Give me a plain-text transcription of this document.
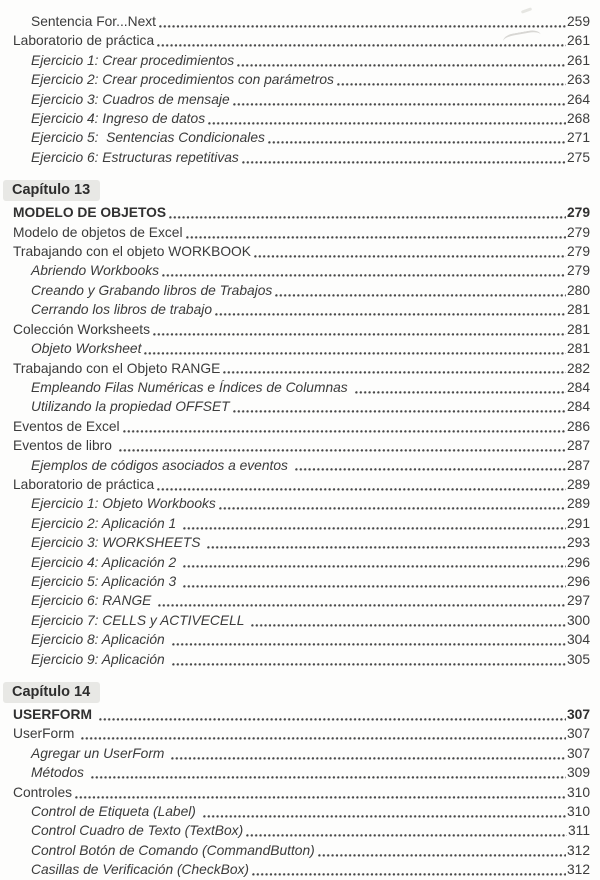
Sentencia For...Next	259
Laboratorio de práctica	261
Ejercicio 1: Crear procedimientos	261
Ejercicio 2: Crear procedimientos con parámetros	263
Ejercicio 3: Cuadros de mensaje	264
Ejercicio 4: Ingreso de datos	268
Ejercicio 5:  Sentencias Condicionales	271
Ejercicio 6: Estructuras repetitivas	275
Capítulo 13
MODELO DE OBJETOS	279
Modelo de objetos de Excel	279
Trabajando con el objeto WORKBOOK	279
Abriendo Workbooks	279
Creando y Grabando libros de Trabajos	280
Cerrando los libros de trabajo	281
Colección Worksheets	281
Objeto Worksheet	281
Trabajando con el Objeto RANGE	282
Empleando Filas Numéricas e Índices de Columnas	284
Utilizando la propiedad OFFSET	284
Eventos de Excel	286
Eventos de libro	287
Ejemplos de códigos asociados a eventos	287
Laboratorio de práctica	289
Ejercicio 1: Objeto Workbooks	289
Ejercicio 2: Aplicación 1	291
Ejercicio 3: WORKSHEETS	293
Ejercicio 4: Aplicación 2	296
Ejercicio 5: Aplicación 3	296
Ejercicio 6: RANGE	297
Ejercicio 7: CELLS y ACTIVECELL	300
Ejercicio 8: Aplicación	304
Ejercicio 9: Aplicación	305
Capítulo 14
USERFORM	307
UserForm	307
Agregar un UserForm	307
Métodos	309
Controles	310
Control de Etiqueta (Label)	310
Control Cuadro de Texto (TextBox)	311
Control Botón de Comando (CommandButton)	312
Casillas de Verificación (CheckBox)	312
